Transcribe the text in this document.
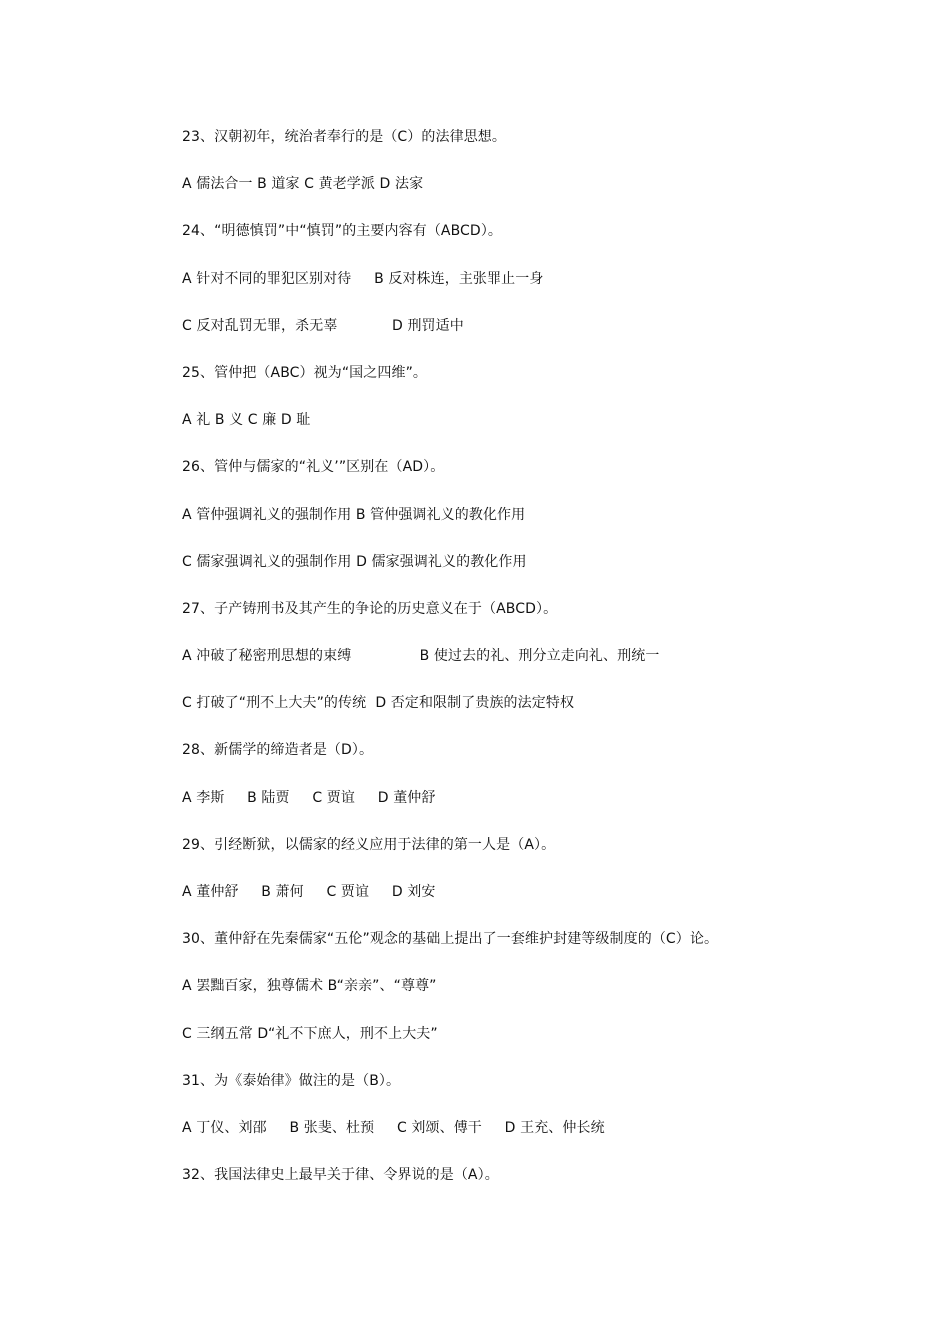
23、汉朝初年，统治者奉行的是（C）的法律思想。
A 儒法合一 B 道家 C 黄老学派 D 法家
24、“明德慎罚”中“慎罚”的主要内容有（ABCD）。
A 针对不同的罪犯区别对待     B 反对株连，主张罪止一身
C 反对乱罚无罪，杀无辜            D 刑罚适中
25、管仲把（ABC）视为“国之四维”。
A 礼 B 义 C 廉 D 耻
26、管仲与儒家的“礼义’”区别在（AD）。
A 管仲强调礼义的强制作用 B 管仲强调礼义的教化作用
C 儒家强调礼义的强制作用 D 儒家强调礼义的教化作用
27、子产铸刑书及其产生的争论的历史意义在于（ABCD）。
A 冲破了秘密刑思想的束缚               B 使过去的礼、刑分立走向礼、刑统一
C 打破了“刑不上大夫”的传统  D 否定和限制了贵族的法定特权
28、新儒学的缔造者是（D）。
A 李斯     B 陆贾     C 贾谊     D 董仲舒
29、引经断狱，以儒家的经义应用于法律的第一人是（A）。
A 董仲舒     B 萧何     C 贾谊     D 刘安
30、董仲舒在先秦儒家“五伦”观念的基础上提出了一套维护封建等级制度的（C）论。
A 罢黜百家，独尊儒术 B“亲亲”、“尊尊”
C 三纲五常 D“礼不下庶人，刑不上大夫”
31、为《泰始律》做注的是（B）。
A 丁仪、刘邵     B 张斐、杜预     C 刘颂、傅干     D 王充、仲长统
32、我国法律史上最早关于律、令界说的是（A）。
